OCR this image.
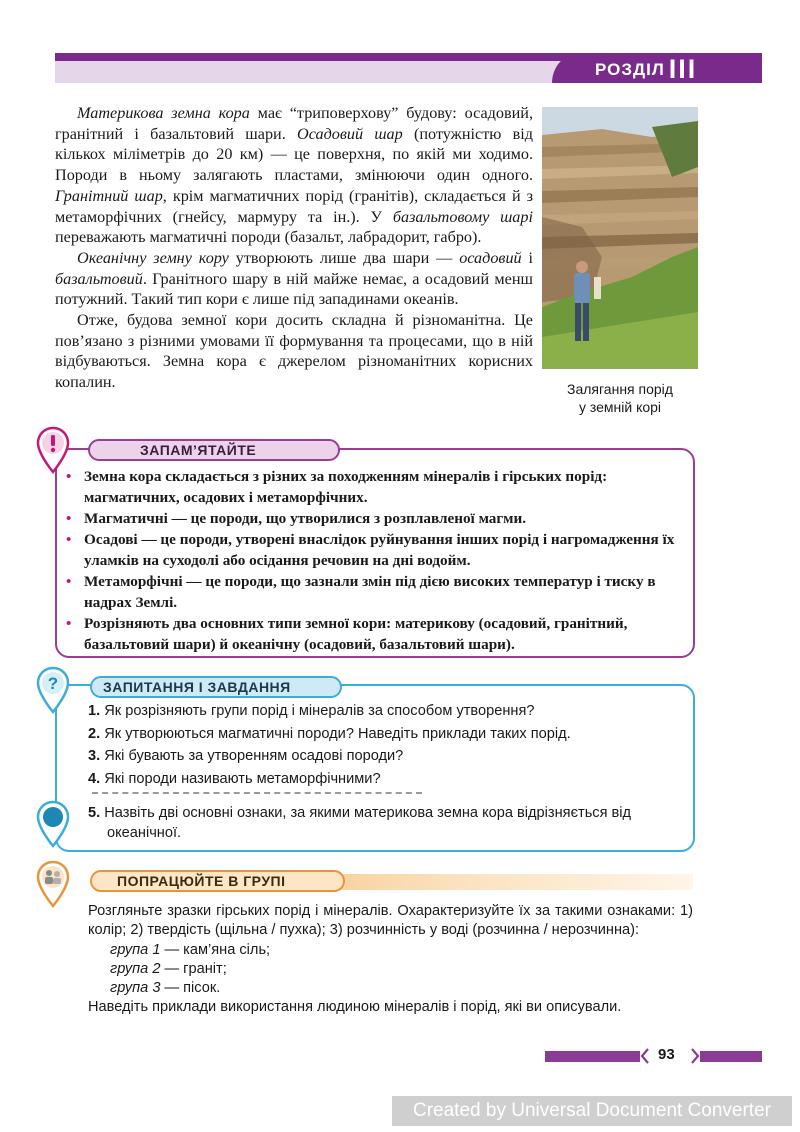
РОЗДІЛ III

Материкова земна кора має “триповерхову” будову: осадовий, гранітний і базальтовий шари. Осадовий шар (потужністю від кількох міліметрів до 20 км) — це поверхня, по якій ми ходимо. Породи в ньому залягають пластами, змінюючи один одного. Гранітний шар, крім магматичних порід (гранітів), складається й з метаморфічних (гнейсу, мармуру та ін.). У базальтовому шарі переважають магматичні породи (базальт, лабрадорит, габро).

Океанічну земну кору утворюють лише два шари — осадовий і базальтовий. Гранітного шару в ній майже немає, а осадовий менш потужний. Такий тип кори є лише під западинами океанів.

Отже, будова земної кори досить складна й різноманітна. Це пов’язано з різними умовами її формування та процесами, що в ній відбуваються. Земна кора є джерелом різноманітних корисних копалин.	Залягання порід
у земній корі
ЗАПАМ’ЯТАЙТЕ
• Земна кора складається з різних за походженням мінералів і гірських порід: магматичних, осадових і метаморфічних.
• Магматичні — це породи, що утворилися з розплавленої магми.
• Осадові — це породи, утворені внаслідок руйнування інших порід і нагромадження їх уламків на суходолі або осідання речовин на дні водойм.
• Метаморфічні — це породи, що зазнали змін під дією високих температур і тиску в надрах Землі.
• Розрізняють два основних типи земної кори: материкову (осадовий, гранітний, базальтовий шари) й океанічну (осадовий, базальтовий шари).
?	ЗАПИТАННЯ І ЗАВДАННЯ
1. Як розрізняють групи порід і мінералів за способом утворення?
2. Як утворюються магматичні породи? Наведіть приклади таких порід.
3. Які бувають за утворенням осадові породи?
4. Які породи називають метаморфічними?
5. Назвіть дві основні ознаки, за якими материкова земна кора відрізняється від океанічної.
ПОПРАЦЮЙТЕ В ГРУПІ
Розгляньте зразки гірських порід і мінералів. Охарактеризуйте їх за такими ознаками: 1) колір; 2) твердість (щільна / пухка); 3) розчинність у воді (розчинна / нерозчинна):
група 1 — кам’яна сіль;
група 2 — граніт;
група 3 — пісок.
Наведіть приклади використання людиною мінералів і порід, які ви описували.
93
Created by Universal Document Converter
